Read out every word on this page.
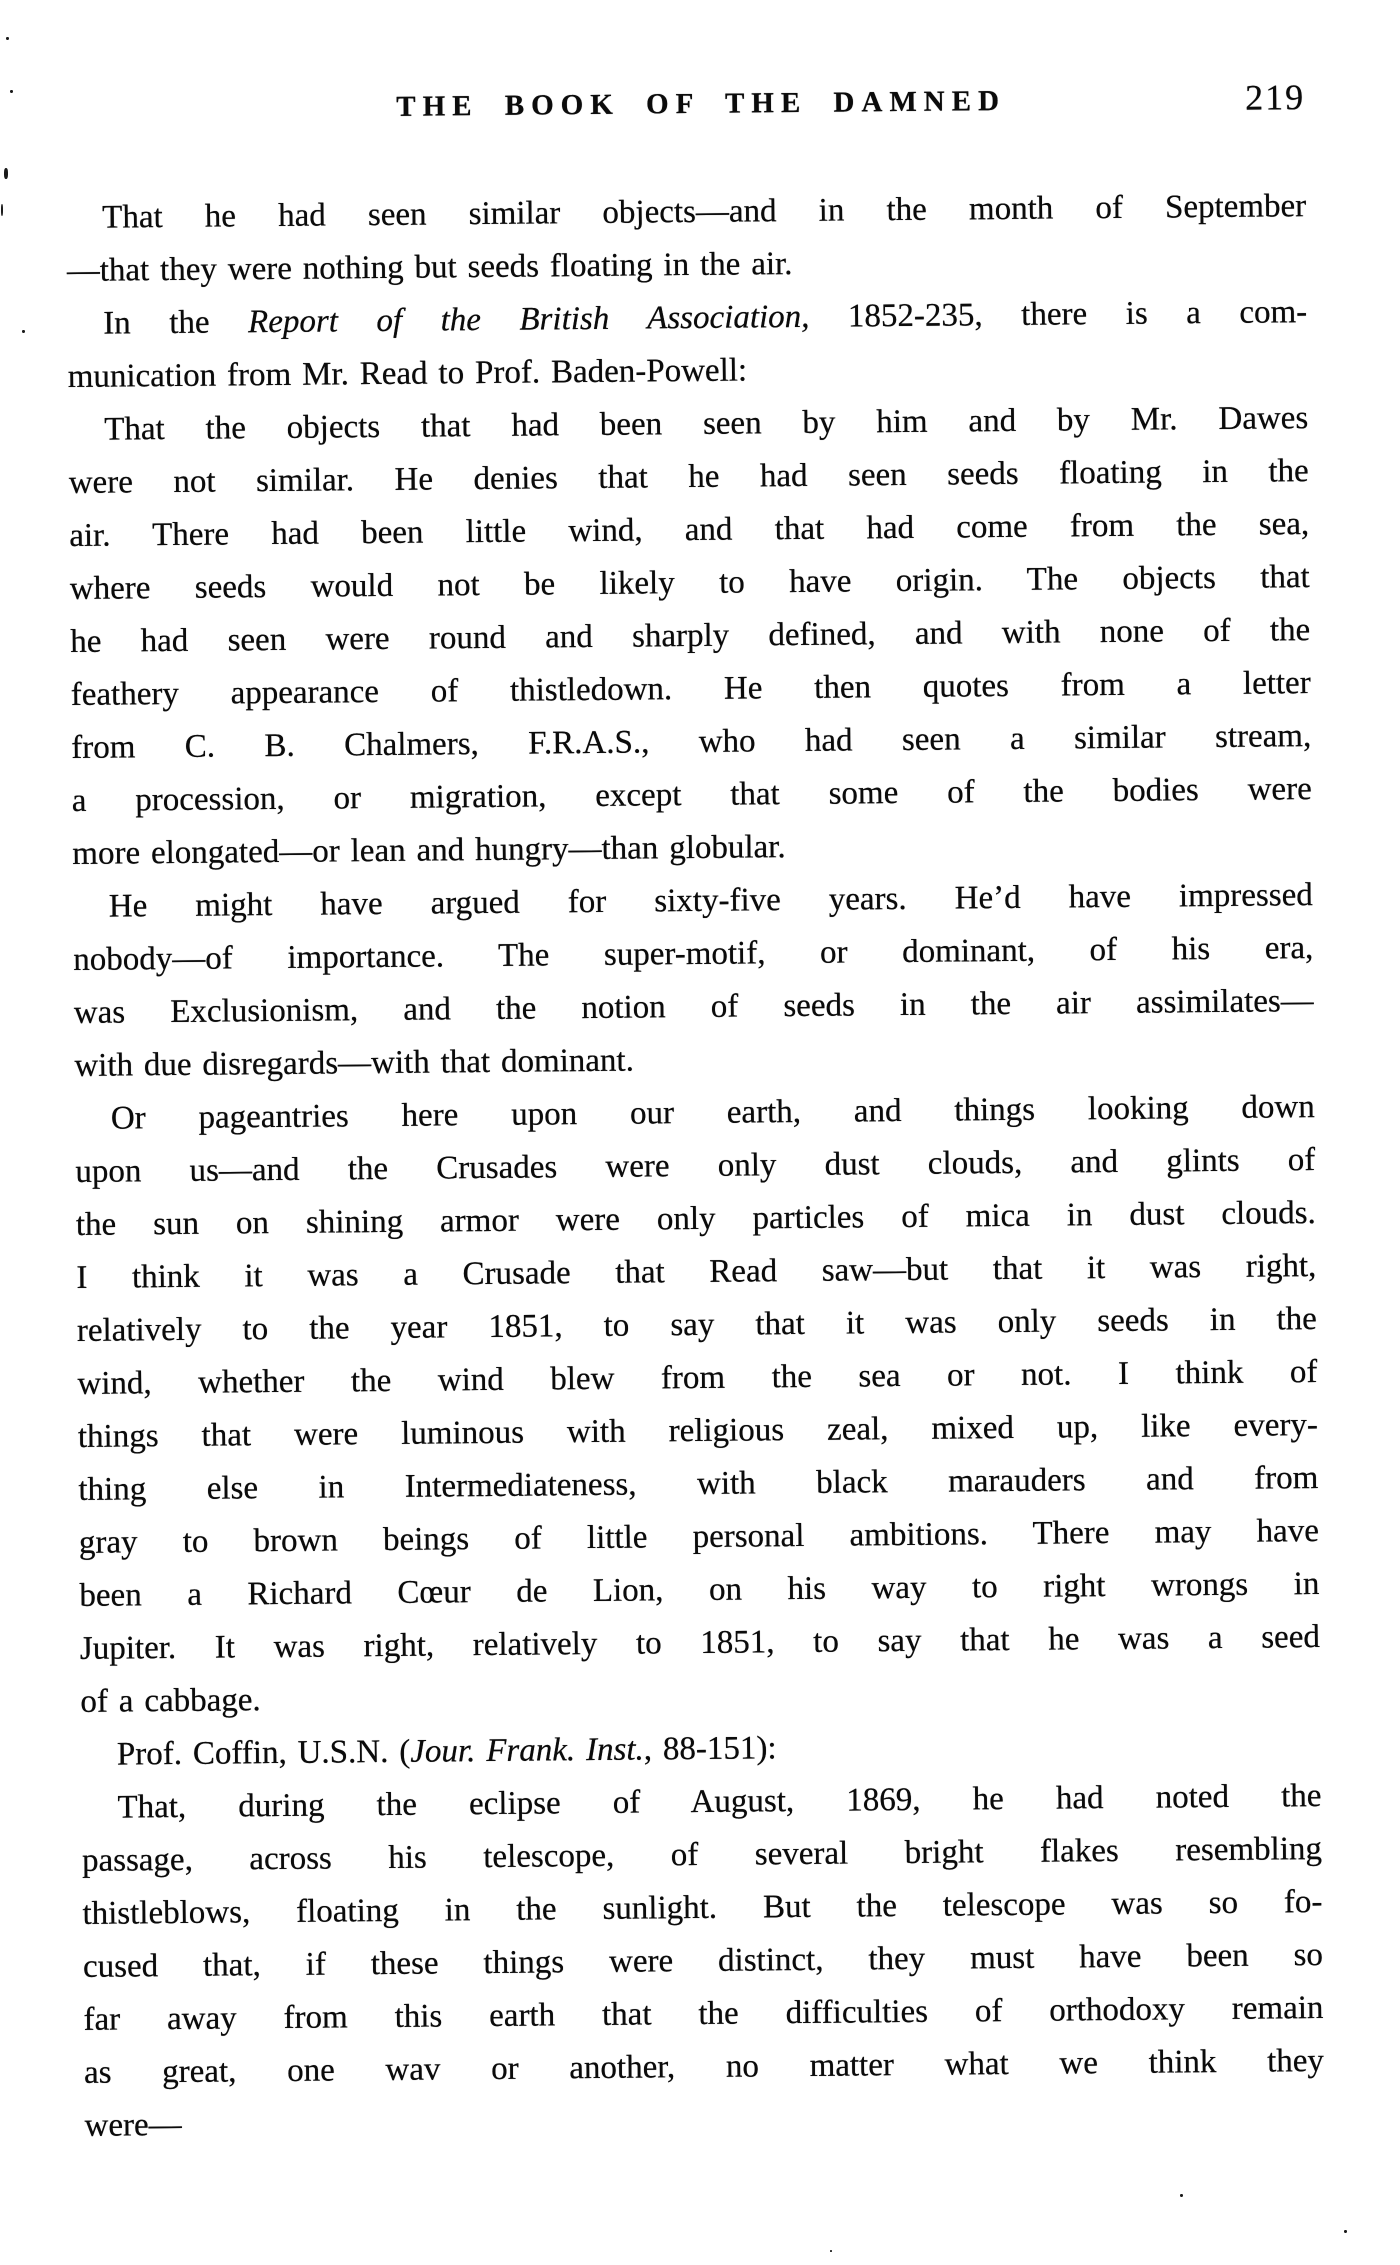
THE BOOK OF THE DAMNED	219
That he had seen similar objects—and in the month of September
—that they were nothing but seeds floating in the air.
In the Report of the British Association, 1852-235, there is a com-
munication from Mr. Read to Prof. Baden-Powell:
That the objects that had been seen by him and by Mr. Dawes
were not similar. He denies that he had seen seeds floating in the
air. There had been little wind, and that had come from the sea,
where seeds would not be likely to have origin. The objects that
he had seen were round and sharply defined, and with none of the
feathery appearance of thistledown. He then quotes from a letter
from C. B. Chalmers, F.R.A.S., who had seen a similar stream,
a procession, or migration, except that some of the bodies were
more elongated—or lean and hungry—than globular.
He might have argued for sixty-five years. He’d have impressed
nobody—of importance. The super-motif, or dominant, of his era,
was Exclusionism, and the notion of seeds in the air assimilates—
with due disregards—with that dominant.
Or pageantries here upon our earth, and things looking down
upon us—and the Crusades were only dust clouds, and glints of
the sun on shining armor were only particles of mica in dust clouds.
I think it was a Crusade that Read saw—but that it was right,
relatively to the year 1851, to say that it was only seeds in the
wind, whether the wind blew from the sea or not. I think of
things that were luminous with religious zeal, mixed up, like every-
thing else in Intermediateness, with black marauders and from
gray to brown beings of little personal ambitions. There may have
been a Richard Cœur de Lion, on his way to right wrongs in
Jupiter. It was right, relatively to 1851, to say that he was a seed
of a cabbage.
Prof. Coffin, U.S.N. (Jour. Frank. Inst., 88-151):
That, during the eclipse of August, 1869, he had noted the
passage, across his telescope, of several bright flakes resembling
thistleblows, floating in the sunlight. But the telescope was so fo-
cused that, if these things were distinct, they must have been so
far away from this earth that the difficulties of orthodoxy remain
as great, one wav or another, no matter what we think they
were—
